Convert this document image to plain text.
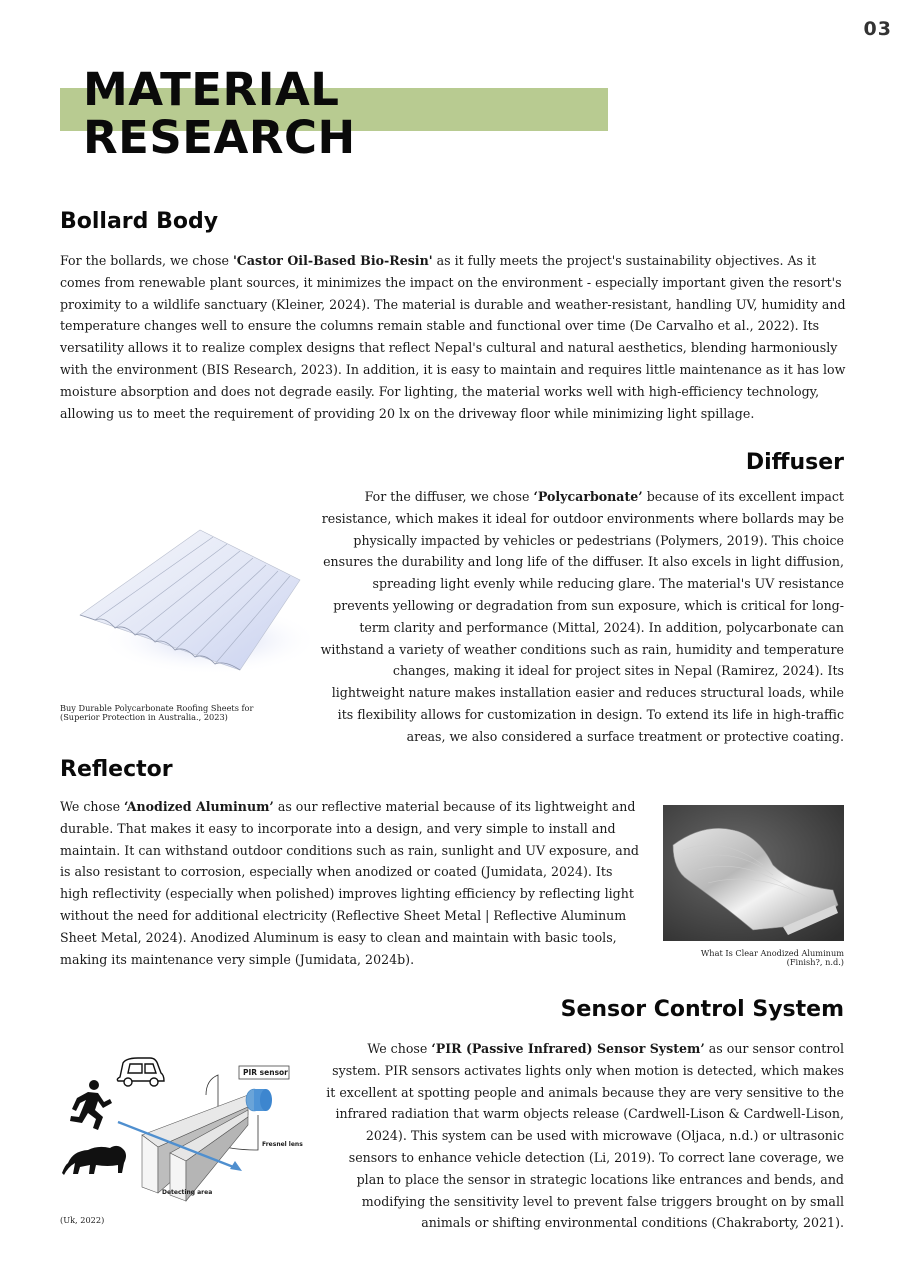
03
MATERIAL
RESEARCH
Bollard Body

For the bollards, we chose 'Castor Oil-Based Bio-Resin' as it fully meets the project's sustainability objectives. As it comes from renewable plant sources, it minimizes the impact on the environment - especially important given the resort's proximity to a wildlife sanctuary (Kleiner, 2024). The material is durable and weather-resistant, handling UV, humidity and temperature changes well to ensure the columns remain stable and functional over time (De Carvalho et al., 2022). Its versatility allows it to realize complex designs that reflect Nepal's cultural and natural aesthetics, blending harmoniously with the environment (BIS Research, 2023). In addition, it is easy to maintain and requires little maintenance as it has low moisture absorption and does not degrade easily. For lighting, the material works well with high-efficiency technology, allowing us to meet the requirement of providing 20 lx on the driveway floor while minimizing light spillage.

Diffuser
Buy Durable Polycarbonate Roofing Sheets for
(Superior Protection in Australia., 2023)

For the diffuser, we chose ‘Polycarbonate’ because of its excellent impact resistance, which makes it ideal for outdoor environments where bollards may be physically impacted by vehicles or pedestrians (Polymers, 2019). This choice ensures the durability and long life of the diffuser. It also excels in light diffusion, spreading light evenly while reducing glare. The material's UV resistance prevents yellowing or degradation from sun exposure, which is critical for long-term clarity and performance (Mittal, 2024). In addition, polycarbonate can withstand a variety of weather conditions such as rain, humidity and temperature changes, making it ideal for project sites in Nepal (Ramirez, 2024). Its lightweight nature makes installation easier and reduces structural loads, while its flexibility allows for customization in design. To extend its life in high-traffic areas, we also considered a surface treatment or protective coating.

Reflector

We chose ‘Anodized Aluminum’ as our reflective material because of its lightweight and durable. That makes it easy to incorporate into a design, and very simple to install and maintain. It can withstand outdoor conditions such as rain, sunlight and UV exposure, and is also resistant to corrosion, especially when anodized or coated (Jumidata, 2024). Its high reflectivity (especially when polished) improves lighting efficiency by reflecting light without the need for additional electricity (Reflective Sheet Metal | Reflective Aluminum Sheet Metal, 2024). Anodized Aluminum is easy to clean and maintain with basic tools, making its maintenance very simple (Jumidata, 2024b).	What Is Clear Anodized Aluminum
(Finish?, n.d.)
Sensor Control System

We chose ‘PIR (Passive Infrared) Sensor System’ as our sensor control system. PIR sensors activates lights only when motion is detected, which makes it excellent at spotting people and animals because they are very sensitive to the infrared radiation that warm objects release (Cardwell-Lison & Cardwell-Lison, 2024). This system can be used with microwave (Oljaca, n.d.) or ultrasonic sensors to enhance vehicle detection (Li, 2019). To correct lane coverage, we plan to place the sensor in strategic locations like entrances and bends, and modifying the sensitivity level to prevent false triggers brought on by small animals or shifting environmental conditions (Chakraborty, 2021).

PIR sensor
Fresnel lens
Detecting area
(Uk, 2022)
